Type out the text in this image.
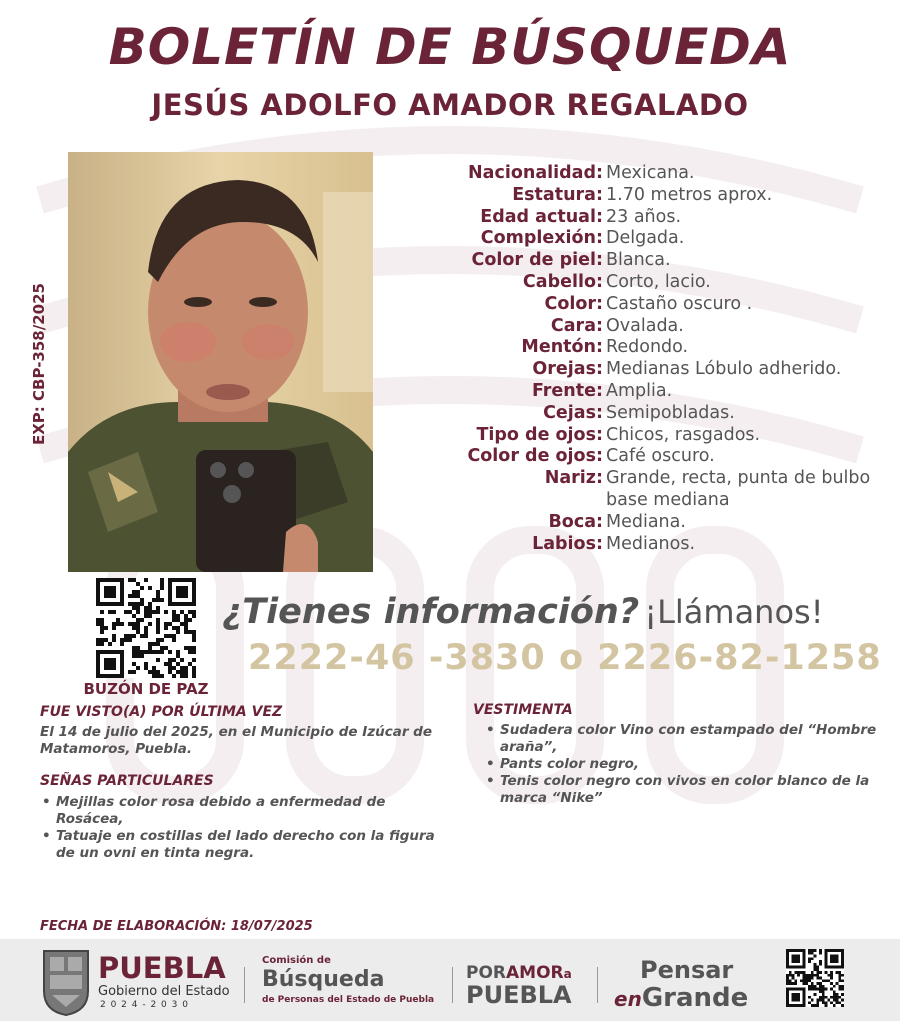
BOLETÍN DE BÚSQUEDA
JESÚS ADOLFO AMADOR REGALADO
EXP: CBP-358/2025
Nacionalidad: Mexicana.
Estatura: 1.70 metros aprox.
Edad actual: 23 años.
Complexión: Delgada.
Color de piel: Blanca.
Cabello: Corto, lacio.
Color: Castaño oscuro .
Cara: Ovalada.
Mentón: Redondo.
Orejas: Medianas Lóbulo adherido.
Frente: Amplia.
Cejas: Semipobladas.
Tipo de ojos: Chicos, rasgados.
Color de ojos: Café oscuro.
Nariz: Grande, recta, punta de bulbo
base mediana
Boca: Mediana.
Labios: Medianos.
BUZÓN DE PAZ
¿Tienes información? ¡Llámanos!
2222-46 -3830 o 2226-82-1258
FUE VISTO(A) POR ÚLTIMA VEZ
El 14 de julio del 2025, en el Municipio de Izúcar de Matamoros, Puebla.
SEÑAS PARTICULARES
• Mejillas color rosa debido a enfermedad de Rosácea,
• Tatuaje en costillas del lado derecho con la figura de un ovni en tinta negra.
VESTIMENTA
• Sudadera color Vino con estampado del “Hombre araña”,
• Pants color negro,
• Tenis color negro con vivos en color blanco de la marca “Nike”
FECHA DE ELABORACIÓN: 18/07/2025
PUEBLA
Gobierno del Estado
2 0 2 4 - 2 0 3 0
Comisión de
Búsqueda
de Personas del Estado de Puebla
PORAMORa
PUEBLA
Pensar
enGrande
